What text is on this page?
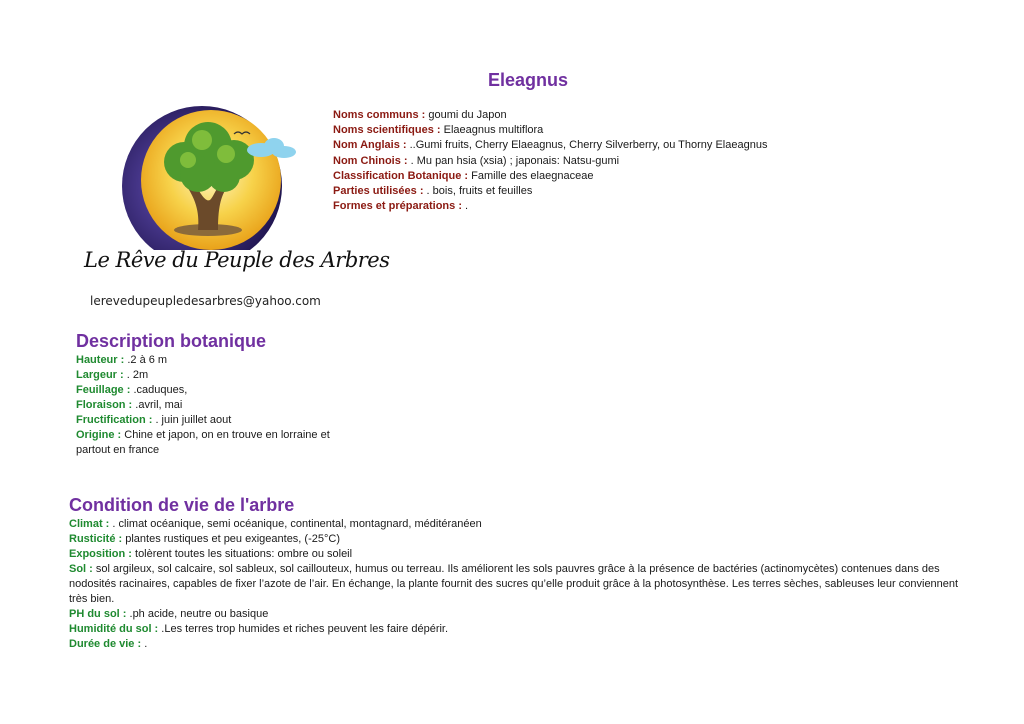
Le Rêve du Peuple des Arbres
lerevedupeupledesarbres@yahoo.com
Eleagnus
Noms communs : goumi du Japon
Noms scientifiques : Elaeagnus multiflora
Nom Anglais : ..Gumi fruits, Cherry Elaeagnus, Cherry Silverberry, ou Thorny Elaeagnus
Nom Chinois : . Mu pan hsia (xsia) ; japonais: Natsu-gumi
Classification Botanique : Famille des elaegnaceae
Parties utilisées : . bois, fruits et feuilles
Formes et préparations : .
Description botanique
Hauteur : .2 à 6 m
Largeur : . 2m
Feuillage : .caduques,
Floraison : .avril, mai
Fructification : . juin juillet aout
Origine : Chine et japon, on en trouve en lorraine et partout en france
Condition de vie de l'arbre
Climat : . climat océanique, semi océanique, continental, montagnard, méditéranéen
Rusticité : plantes rustiques et peu exigeantes, (-25°C)
Exposition : tolèrent toutes les situations: ombre ou soleil
Sol : sol argileux, sol calcaire, sol sableux, sol caillouteux, humus ou terreau. Ils améliorent les sols pauvres grâce à la présence de bactéries (actinomycètes) contenues dans des nodosités racinaires, capables de fixer l’azote de l’air. En échange, la plante fournit des sucres qu’elle produit grâce à la photosynthèse. Les terres sèches, sableuses leur conviennent très bien.
PH du sol : .ph acide, neutre ou basique
Humidité du sol : .Les terres trop humides et riches peuvent les faire dépérir.
Durée de vie : .
